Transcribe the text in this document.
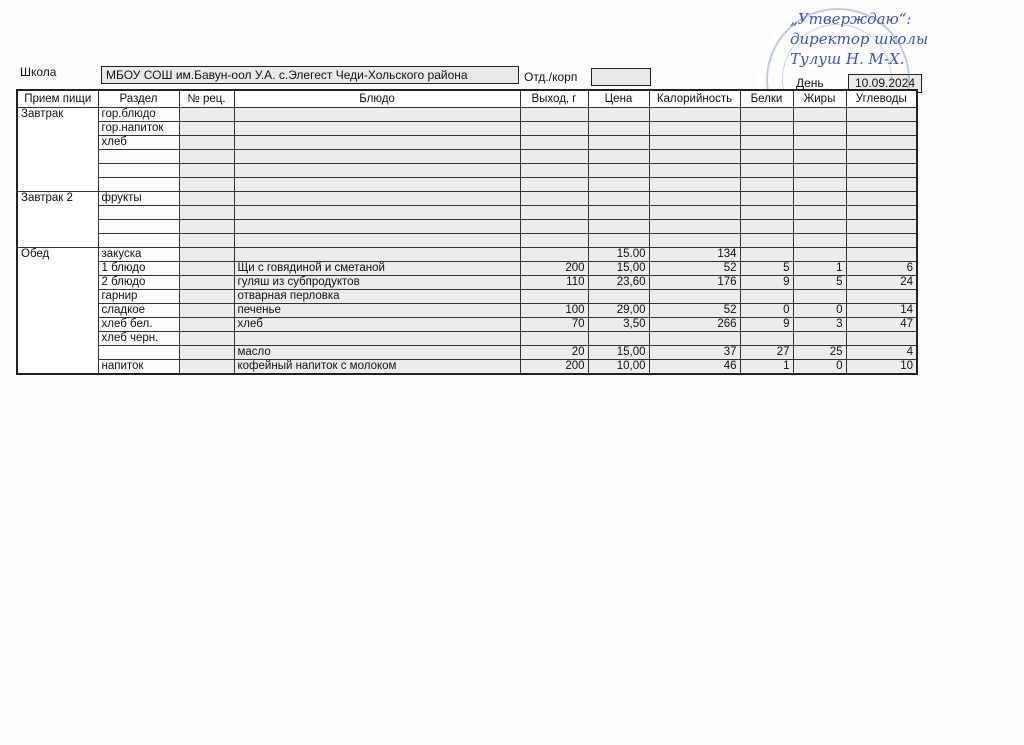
Школа	МБОУ СОШ им.Бавун-оол У.А. с.Элегест Чеди-Хольского района	Отд./корп	День	10.09.2024
„Утверждаю“:
директор школы
Тулуш Н. М-Х.
Прием пищи	Раздел	№ рец.	Блюдо	Выход, г	Цена	Калорийность	Белки	Жиры	Углеводы
Завтрак	гор.блюдо								
	гор.напиток								
	хлеб								

Завтрак 2	фрукты								

Обед	закуска				15.00	134			
	1 блюдо		Щи с говядиной и сметаной	200	15,00	52	5	1	6
	2 блюдо		гуляш из субпродуктов	110	23,60	176	9	5	24
	гарнир		отварная перловка						
	сладкое		печенье	100	29,00	52	0	0	14
	хлеб бел.		хлеб	70	3,50	266	9	3	47
	хлеб черн.								
			масло	20	15,00	37	27	25	4
	напиток		кофейный напиток с молоком	200	10,00	46	1	0	10
